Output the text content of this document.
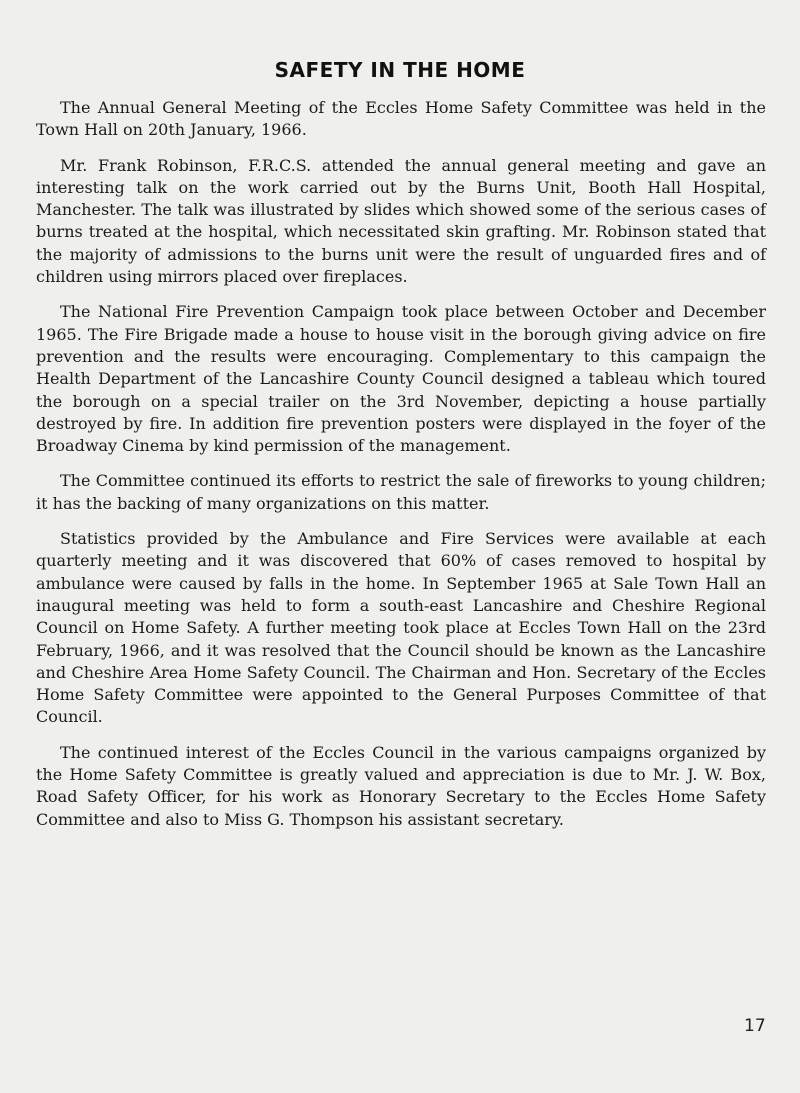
SAFETY IN THE HOME

The Annual General Meeting of the Eccles Home Safety Committee was held in the Town Hall on 20th January, 1966.

Mr. Frank Robinson, F.R.C.S. attended the annual general meeting and gave an interesting talk on the work carried out by the Burns Unit, Booth Hall Hospital, Manchester. The talk was illustrated by slides which showed some of the serious cases of burns treated at the hospital, which necessitated skin grafting. Mr. Robinson stated that the majority of admissions to the burns unit were the result of unguarded fires and of children using mirrors placed over fireplaces.

The National Fire Prevention Campaign took place between October and December 1965. The Fire Brigade made a house to house visit in the borough giving advice on fire prevention and the results were encouraging. Complementary to this campaign the Health Department of the Lancashire County Council designed a tableau which toured the borough on a special trailer on the 3rd November, depicting a house partially destroyed by fire. In addition fire prevention posters were displayed in the foyer of the Broadway Cinema by kind permission of the management.

The Committee continued its efforts to restrict the sale of fireworks to young children; it has the backing of many organizations on this matter.

Statistics provided by the Ambulance and Fire Services were available at each quarterly meeting and it was discovered that 60% of cases removed to hospital by ambulance were caused by falls in the home. In September 1965 at Sale Town Hall an inaugural meeting was held to form a south-east Lancashire and Cheshire Regional Council on Home Safety. A further meeting took place at Eccles Town Hall on the 23rd February, 1966, and it was resolved that the Council should be known as the Lancashire and Cheshire Area Home Safety Council. The Chairman and Hon. Secretary of the Eccles Home Safety Committee were appointed to the General Purposes Committee of that Council.

The continued interest of the Eccles Council in the various campaigns organized by the Home Safety Committee is greatly valued and appreciation is due to Mr. J. W. Box, Road Safety Officer, for his work as Honorary Secretary to the Eccles Home Safety Committee and also to Miss G. Thompson his assistant secretary.

17
